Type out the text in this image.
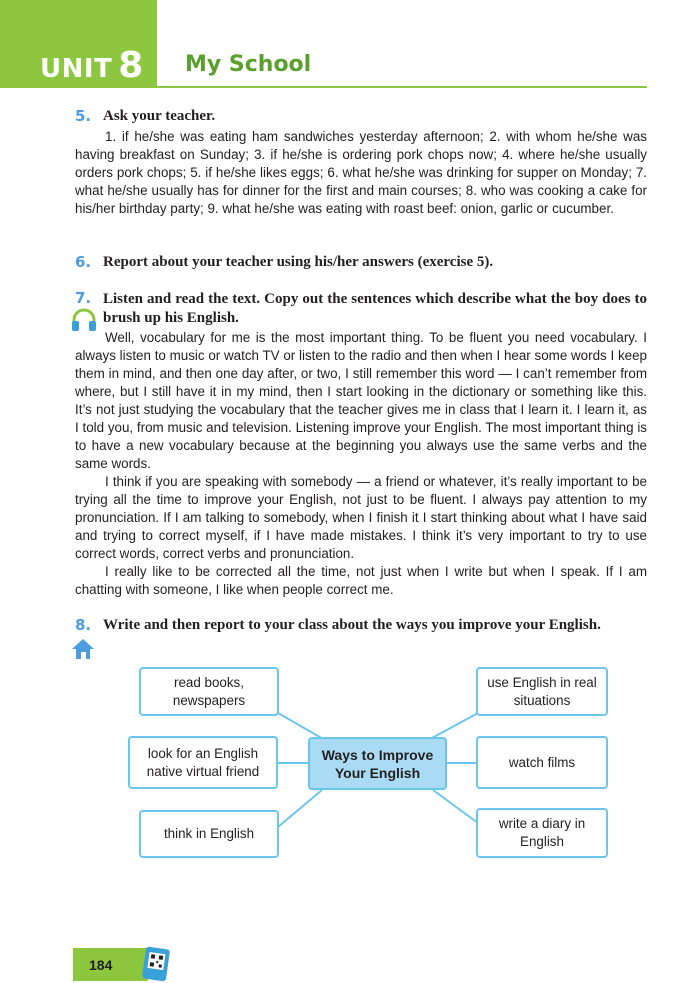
UNIT 8 My School
5. Ask your teacher.

1. if he/she was eating ham sandwiches yesterday afternoon; 2. with whom he/she was having breakfast on Sunday; 3. if he/she is ordering pork chops now; 4. where he/she usually orders pork chops; 5. if he/she likes eggs; 6. what he/she was drinking for supper on Monday; 7. what he/she usually has for dinner for the first and main courses; 8. who was cooking a cake for his/her birthday party; 9. what he/she was eating with roast beef: onion, garlic or cucumber.

6. Report about your teacher using his/her answers (exercise 5).
7. Listen and read the text. Copy out the sentences which describe what the boy does to brush up his English.

Well, vocabulary for me is the most important thing. To be fluent you need vocabulary. I always listen to music or watch TV or listen to the radio and then when I hear some words I keep them in mind, and then one day after, or two, I still remember this word — I can’t remember from where, but I still have it in my mind, then I start looking in the dictionary or something like this. It’s not just studying the vocabulary that the teacher gives me in class that I learn it. I learn it, as I told you, from music and television. Listening improve your English. The most important thing is to have a new vocabulary because at the beginning you always use the same verbs and the same words.

I think if you are speaking with somebody — a friend or whatever, it’s really important to be trying all the time to improve your English, not just to be fluent. I always pay attention to my pronunciation. If I am talking to somebody, when I finish it I start thinking about what I have said and trying to correct myself, if I have made mistakes. I think it’s very important to try to use correct words, correct verbs and pronunciation.

I really like to be corrected all the time, not just when I write but when I speak. If I am chatting with someone, I like when people correct me.

8. Write and then report to your class about the ways you improve your English.
Ways to Improve Your English
read books, newspapers
look for an English native virtual friend
think in English
use English in real situations
watch films
write a diary in English
184
